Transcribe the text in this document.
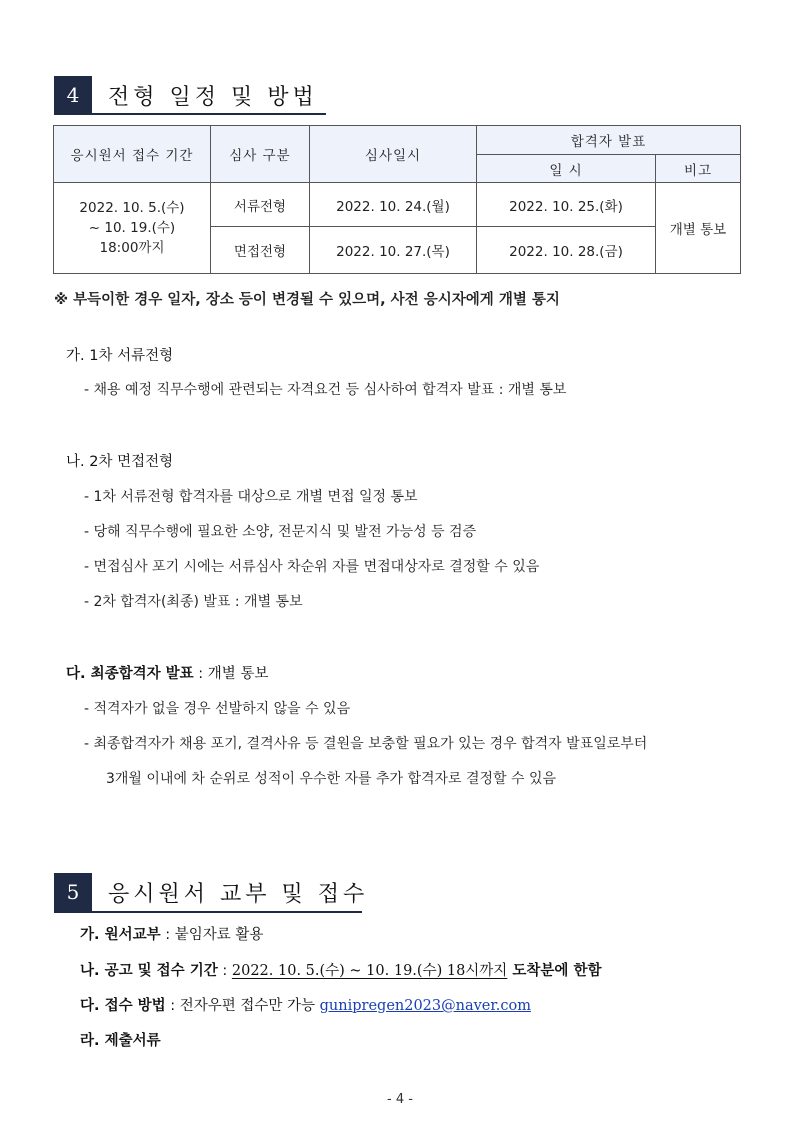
4	전형 일정 및 방법
응시원서 접수 기간	심사 구분	심사일시	합격자 발표	
			일 시	비고

2022. 10. 5.(수)
~ 10. 19.(수)
18:00까지	서류전형	2022. 10. 24.(월)	2022. 10. 25.(화)	개별 통보
	면접전형	2022. 10. 27.(목)	2022. 10. 28.(금)	
※ 부득이한 경우 일자, 장소 등이 변경될 수 있으며, 사전 응시자에게 개별 통지
가. 1차 서류전형
- 채용 예정 직무수행에 관련되는 자격요건 등 심사하여 합격자 발표 : 개별 통보
나. 2차 면접전형
- 1차 서류전형 합격자를 대상으로 개별 면접 일정 통보
- 당해 직무수행에 필요한 소양, 전문지식 및 발전 가능성 등 검증
- 면접심사 포기 시에는 서류심사 차순위 자를 면접대상자로 결정할 수 있음
- 2차 합격자(최종) 발표 : 개별 통보
다. 최종합격자 발표 : 개별 통보
- 적격자가 없을 경우 선발하지 않을 수 있음
- 최종합격자가 채용 포기, 결격사유 등 결원을 보충할 필요가 있는 경우 합격자 발표일로부터
3개월 이내에 차 순위로 성적이 우수한 자를 추가 합격자로 결정할 수 있음
5	응시원서 교부 및 접수
가. 원서교부 : 붙임자료 활용
나. 공고 및 접수 기간 : 2022. 10. 5.(수) ~ 10. 19.(수) 18시까지 도착분에 한함
다. 접수 방법 : 전자우편 접수만 가능 gunipregen2023@naver.com
라. 제출서류
- 4 -
